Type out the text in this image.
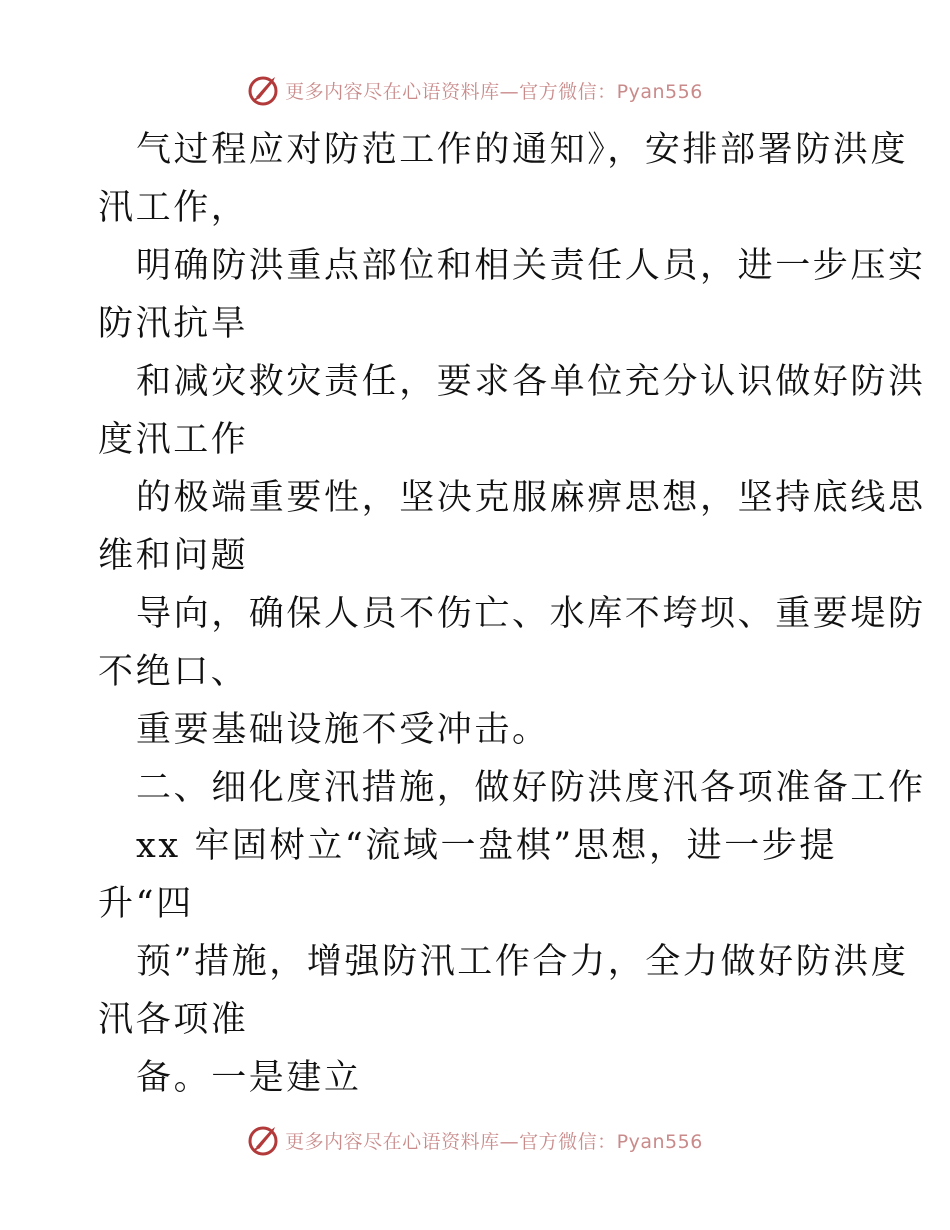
更多内容尽在心语资料库—官方微信：Pyan556
气过程应对防范工作的通知》，安排部署防洪度
汛工作，
明确防洪重点部位和相关责任人员，进一步压实
防汛抗旱
和减灾救灾责任，要求各单位充分认识做好防洪
度汛工作
的极端重要性，坚决克服麻痹思想，坚持底线思
维和问题
导向，确保人员不伤亡、水库不垮坝、重要堤防
不绝口、
重要基础设施不受冲击。
二、细化度汛措施，做好防洪度汛各项准备工作
xx 牢固树立“流域一盘棋”思想，进一步提
升“四
预”措施，增强防汛工作合力，全力做好防洪度
汛各项准
备。一是建立
更多内容尽在心语资料库—官方微信：Pyan556
